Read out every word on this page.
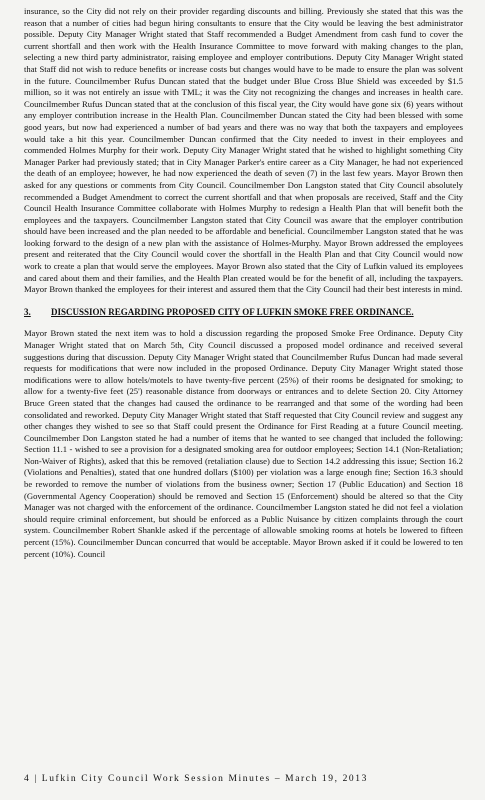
insurance, so the City did not rely on their provider regarding discounts and billing. Previously she stated that this was the reason that a number of cities had begun hiring consultants to ensure that the City would be leaving the best administrator possible. Deputy City Manager Wright stated that Staff recommended a Budget Amendment from cash fund to cover the current shortfall and then work with the Health Insurance Committee to move forward with making changes to the plan, selecting a new third party administrator, raising employee and employer contributions. Deputy City Manager Wright stated that Staff did not wish to reduce benefits or increase costs but changes would have to be made to ensure the plan was solvent in the future. Councilmember Rufus Duncan stated that the budget under Blue Cross Blue Shield was exceeded by $1.5 million, so it was not entirely an issue with TML; it was the City not recognizing the changes and increases in health care. Councilmember Rufus Duncan stated that at the conclusion of this fiscal year, the City would have gone six (6) years without any employer contribution increase in the Health Plan. Councilmember Duncan stated the City had been blessed with some good years, but now had experienced a number of bad years and there was no way that both the taxpayers and employees would take a hit this year. Councilmember Duncan confirmed that the City needed to invest in their employees and commended Holmes Murphy for their work. Deputy City Manager Wright stated that he wished to highlight something City Manager Parker had previously stated; that in City Manager Parker's entire career as a City Manager, he had not experienced the death of an employee; however, he had now experienced the death of seven (7) in the last few years. Mayor Brown then asked for any questions or comments from City Council. Councilmember Don Langston stated that City Council absolutely recommended a Budget Amendment to correct the current shortfall and that when proposals are received, Staff and the City Council Health Insurance Committee collaborate with Holmes Murphy to redesign a Health Plan that will benefit both the employees and the taxpayers. Councilmember Langston stated that City Council was aware that the employer contribution should have been increased and the plan needed to be affordable and beneficial. Councilmember Langston stated that he was looking forward to the design of a new plan with the assistance of Holmes-Murphy. Mayor Brown addressed the employees present and reiterated that the City Council would cover the shortfall in the Health Plan and that City Council would now work to create a plan that would serve the employees. Mayor Brown also stated that the City of Lufkin valued its employees and cared about them and their families, and the Health Plan created would be for the benefit of all, including the taxpayers. Mayor Brown thanked the employees for their interest and assured them that the City Council had their best interests in mind.

3.	DISCUSSION REGARDING PROPOSED CITY OF LUFKIN SMOKE FREE ORDINANCE.

Mayor Brown stated the next item was to hold a discussion regarding the proposed Smoke Free Ordinance. Deputy City Manager Wright stated that on March 5th, City Council discussed a proposed model ordinance and received several suggestions during that discussion. Deputy City Manager Wright stated that Councilmember Rufus Duncan had made several requests for modifications that were now included in the proposed Ordinance. Deputy City Manager Wright stated those modifications were to allow hotels/motels to have twenty-five percent (25%) of their rooms be designated for smoking; to allow for a twenty-five feet (25') reasonable distance from doorways or entrances and to delete Section 20. City Attorney Bruce Green stated that the changes had caused the ordinance to be rearranged and that some of the wording had been consolidated and reworked. Deputy City Manager Wright stated that Staff requested that City Council review and suggest any other changes they wished to see so that Staff could present the Ordinance for First Reading at a future Council meeting. Councilmember Don Langston stated he had a number of items that he wanted to see changed that included the following: Section 11.1 - wished to see a provision for a designated smoking area for outdoor employees; Section 14.1 (Non-Retaliation; Non-Waiver of Rights), asked that this be removed (retaliation clause) due to Section 14.2 addressing this issue; Section 16.2 (Violations and Penalties), stated that one hundred dollars ($100) per violation was a large enough fine; Section 16.3 should be reworded to remove the number of violations from the business owner; Section 17 (Public Education) and Section 18 (Governmental Agency Cooperation) should be removed and Section 15 (Enforcement) should be altered so that the City Manager was not charged with the enforcement of the ordinance. Councilmember Langston stated he did not feel a violation should require criminal enforcement, but should be enforced as a Public Nuisance by citizen complaints through the court system. Councilmember Robert Shankle asked if the percentage of allowable smoking rooms at hotels be lowered to fifteen percent (15%). Councilmember Duncan concurred that would be acceptable. Mayor Brown asked if it could be lowered to ten percent (10%). Council

4 | Lufkin City Council Work Session Minutes – March 19, 2013
